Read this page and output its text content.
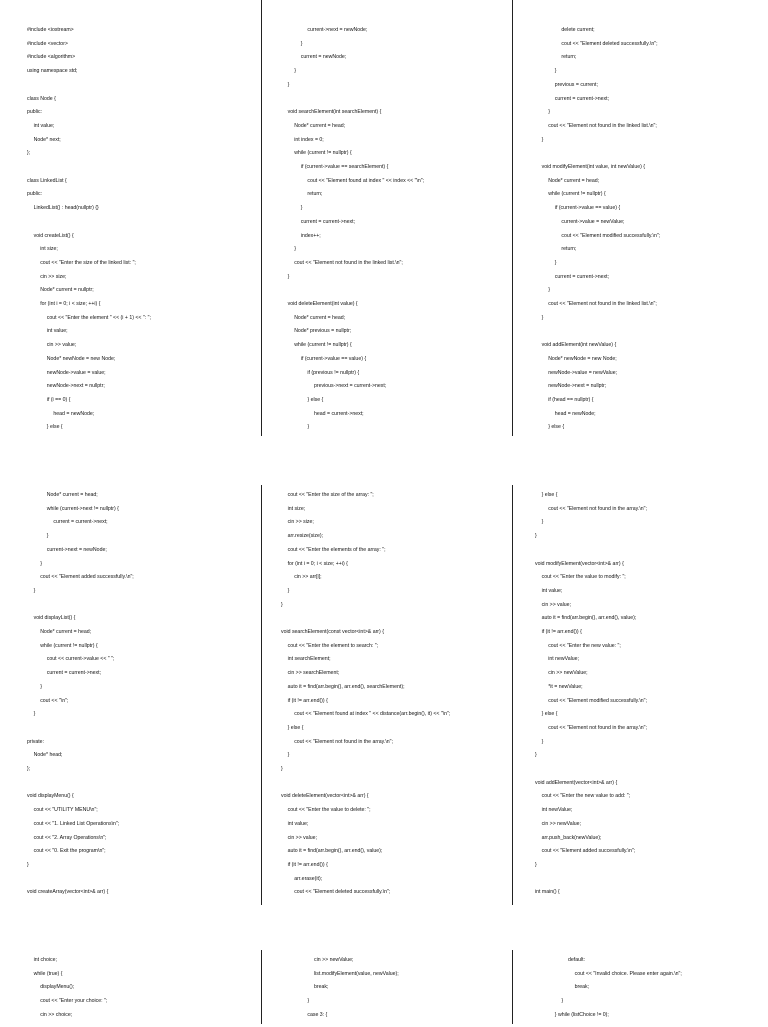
#include <iostream>
#include <vector>
#include <algorithm>
using namespace std;
class Node {
public:
int value;
Node* next;
};
class LinkedList {
public:
LinkedList() : head(nullptr) {}
void createList() {
int size;
cout << "Enter the size of the linked list: ";
cin >> size;
Node* current = nullptr;
for (int i = 0; i < size; ++i) {
cout << "Enter the element " << (i + 1) << ": ";
int value;
cin >> value;
Node* newNode = new Node;
newNode->value = value;
newNode->next = nullptr;
if (i == 0) {
head = newNode;
} else {
current->next = newNode;
}
current = newNode;
}
}
void searchElement(int searchElement) {
Node* current = head;
int index = 0;
while (current != nullptr) {
if (current->value == searchElement) {
cout << "Element found at index " << index << "\n";
return;
}
current = current->next;
index++;
}
cout << "Element not found in the linked list.\n";
}
void deleteElement(int value) {
Node* current = head;
Node* previous = nullptr;
while (current != nullptr) {
if (current->value == value) {
if (previous != nullptr) {
previous->next = current->next;
} else {
head = current->next;
}
delete current;
cout << "Element deleted successfully.\n";
return;
}
previous = current;
current = current->next;
}
cout << "Element not found in the linked list.\n";
}
void modifyElement(int value, int newValue) {
Node* current = head;
while (current != nullptr) {
if (current->value == value) {
current->value = newValue;
cout << "Element modified successfully.\n";
return;
}
current = current->next;
}
cout << "Element not found in the linked list.\n";
}
void addElement(int newValue) {
Node* newNode = new Node;
newNode->value = newValue;
newNode->next = nullptr;
if (head == nullptr) {
head = newNode;
} else {
Node* current = head;
while (current->next != nullptr) {
current = current->next;
}
current->next = newNode;
}
cout << "Element added successfully.\n";
}
void displayList() {
Node* current = head;
while (current != nullptr) {
cout << current->value << " ";
current = current->next;
}
cout << "\n";
}
private:
Node* head;
};
void displayMenu() {
cout << "UTILITY MENU\n";
cout << "1. Linked List Operations\n";
cout << "2. Array Operations\n";
cout << "0. Exit the program\n";
}
void createArray(vector<int>& arr) {
cout << "Enter the size of the array: ";
int size;
cin >> size;
arr.resize(size);
cout << "Enter the elements of the array: ";
for (int i = 0; i < size; ++i) {
cin >> arr[i];
}
}
void searchElement(const vector<int>& arr) {
cout << "Enter the element to search: ";
int searchElement;
cin >> searchElement;
auto it = find(arr.begin(), arr.end(), searchElement);
if (it != arr.end()) {
cout << "Element found at index " << distance(arr.begin(), it) << "\n";
} else {
cout << "Element not found in the array.\n";
}
}
void deleteElement(vector<int>& arr) {
cout << "Enter the value to delete: ";
int value;
cin >> value;
auto it = find(arr.begin(), arr.end(), value);
if (it != arr.end()) {
arr.erase(it);
cout << "Element deleted successfully.\n";
} else {
cout << "Element not found in the array.\n";
}
}
void modifyElement(vector<int>& arr) {
cout << "Enter the value to modify: ";
int value;
cin >> value;
auto it = find(arr.begin(), arr.end(), value);
if (it != arr.end()) {
cout << "Enter the new value: ";
int newValue;
cin >> newValue;
*it = newValue;
cout << "Element modified successfully.\n";
} else {
cout << "Element not found in the array.\n";
}
}
void addElement(vector<int>& arr) {
cout << "Enter the new value to add: ";
int newValue;
cin >> newValue;
arr.push_back(newValue);
cout << "Element added successfully.\n";
}
int main() {
int choice;
while (true) {
displayMenu();
cout << "Enter your choice: ";
cin >> choice;
cin >> newValue;
list.modifyElement(value, newValue);
break;
}
case 3: {
default:
cout << "Invalid choice. Please enter again.\n";
break;
}
} while (listChoice != 0);
